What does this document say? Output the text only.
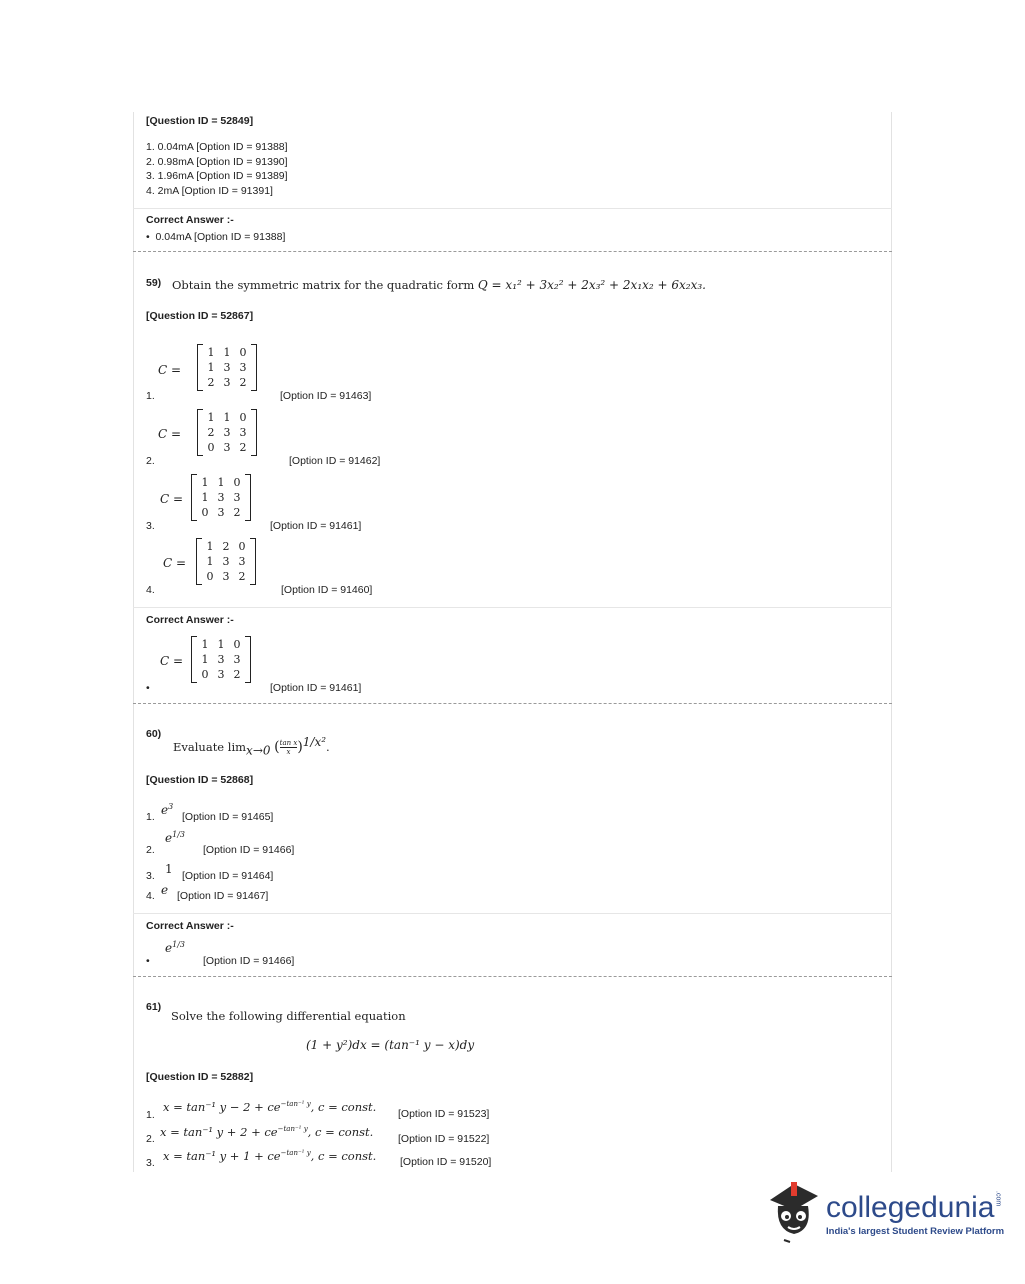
[Question ID = 52849]
1. 0.04mA [Option ID = 91388]
2. 0.98mA [Option ID = 91390]
3. 1.96mA [Option ID = 91389]
4. 2mA [Option ID = 91391]
Correct Answer :-
•  0.04mA [Option ID = 91388]
59) Obtain the symmetric matrix for the quadratic form Q = x₁² + 3x₂² + 2x₃² + 2x₁x₂ + 6x₂x₃.
[Question ID = 52867]
C =
1	1	0
1	3	3
2	3	2
1.	[Option ID = 91463]
C =
1	1	0
2	3	3
0	3	2
2.	[Option ID = 91462]
C =
1	1	0
1	3	3
0	3	2
3.	[Option ID = 91461]
C =
1	2	0
1	3	3
0	3	2
4.	[Option ID = 91460]
Correct Answer :-
C =
1	1	0
1	3	3
0	3	2
•	[Option ID = 91461]
60)
Evaluate $\lim_{x\to 0}$ ( $\frac{\text{tan x}}{x} )^{1/x^2}$.
[Question ID = 52868]
1. $e^3$
[Option ID = 91465]
2.
$e^{1/3}$
[Option ID = 91466]
3. 1 [Option ID = 91464]
4. e [Option ID = 91467]
Correct Answer :-
$e^{1/3}$
•	[Option ID = 91466]
61)
Solve the following differential equation
(1 + y²)dx = (tan⁻¹ y − x)dy
[Question ID = 52882]
1.
x = tan⁻¹ $y - 2 + ce^{-tan^{-1} y}$, c = const. [Option ID = 91523]
2. x = tan⁻¹ $y + 2 + ce^{-tan^{-1} y}$, c = const. [Option ID = 91522]
3. x = tan⁻¹ $y + 1 + ce^{-tan^{-1} y}$, c = const. [Option ID = 91520]
collegedunia.com
India's largest Student Review Platform
